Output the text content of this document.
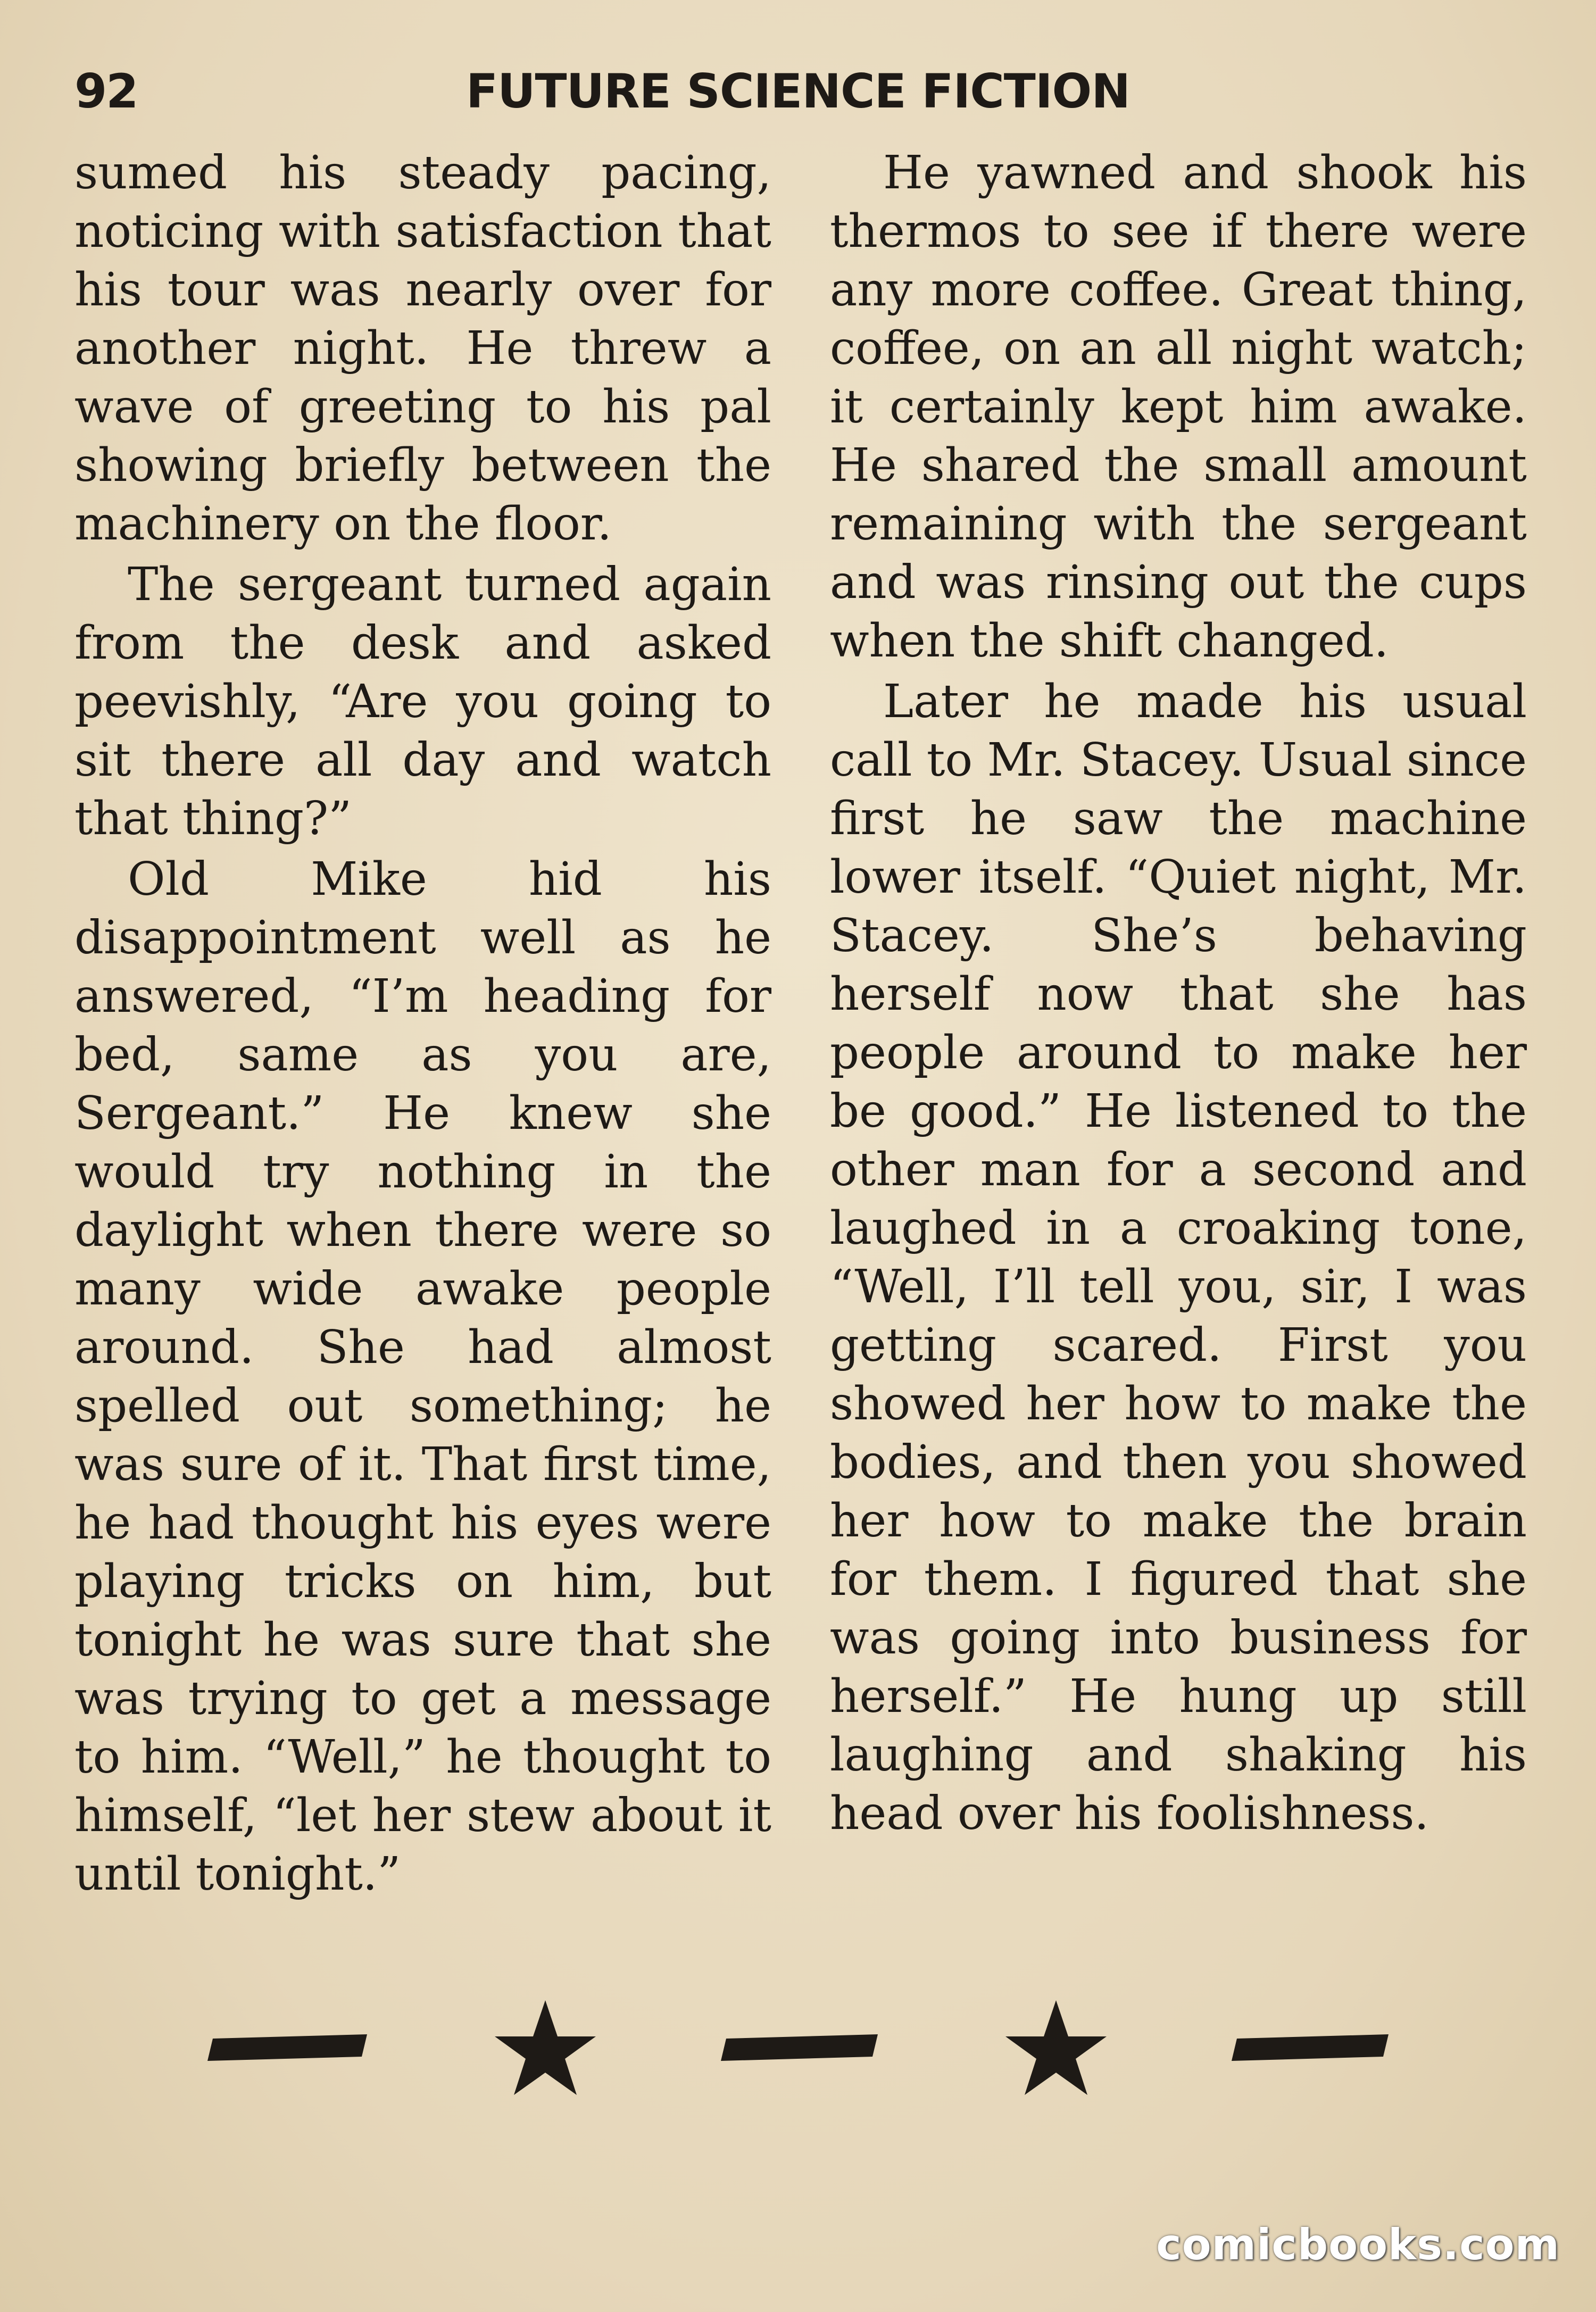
92	FUTURE SCIENCE FICTION

sumed his steady pacing, noticing with satisfaction that his tour was nearly over for another night. He threw a wave of greeting to his pal showing briefly between the machinery on the floor.

The sergeant turned again from the desk and asked peevishly, “Are you going to sit there all day and watch that thing?”

Old Mike hid his disappointment well as he answered, “I’m heading for bed, same as you are, Sergeant.” He knew she would try nothing in the daylight when there were so many wide awake people around. She had almost spelled out something; he was sure of it. That first time, he had thought his eyes were playing tricks on him, but tonight he was sure that she was trying to get a message to him. “Well,” he thought to himself, “let her stew about it until tonight.”

He yawned and shook his thermos to see if there were any more coffee. Great thing, coffee, on an all night watch; it certainly kept him awake. He shared the small amount remaining with the sergeant and was rinsing out the cups when the shift changed.

Later he made his usual call to Mr. Stacey. Usual since first he saw the machine lower itself. “Quiet night, Mr. Stacey. She’s behaving herself now that she has people around to make her be good.” He listened to the other man for a second and laughed in a croaking tone, “Well, I’ll tell you, sir, I was getting scared. First you showed her how to make the bodies, and then you showed her how to make the brain for them. I figured that she was going into business for herself.” He hung up still laughing and shaking his head over his foolishness.

comicbooks.com
